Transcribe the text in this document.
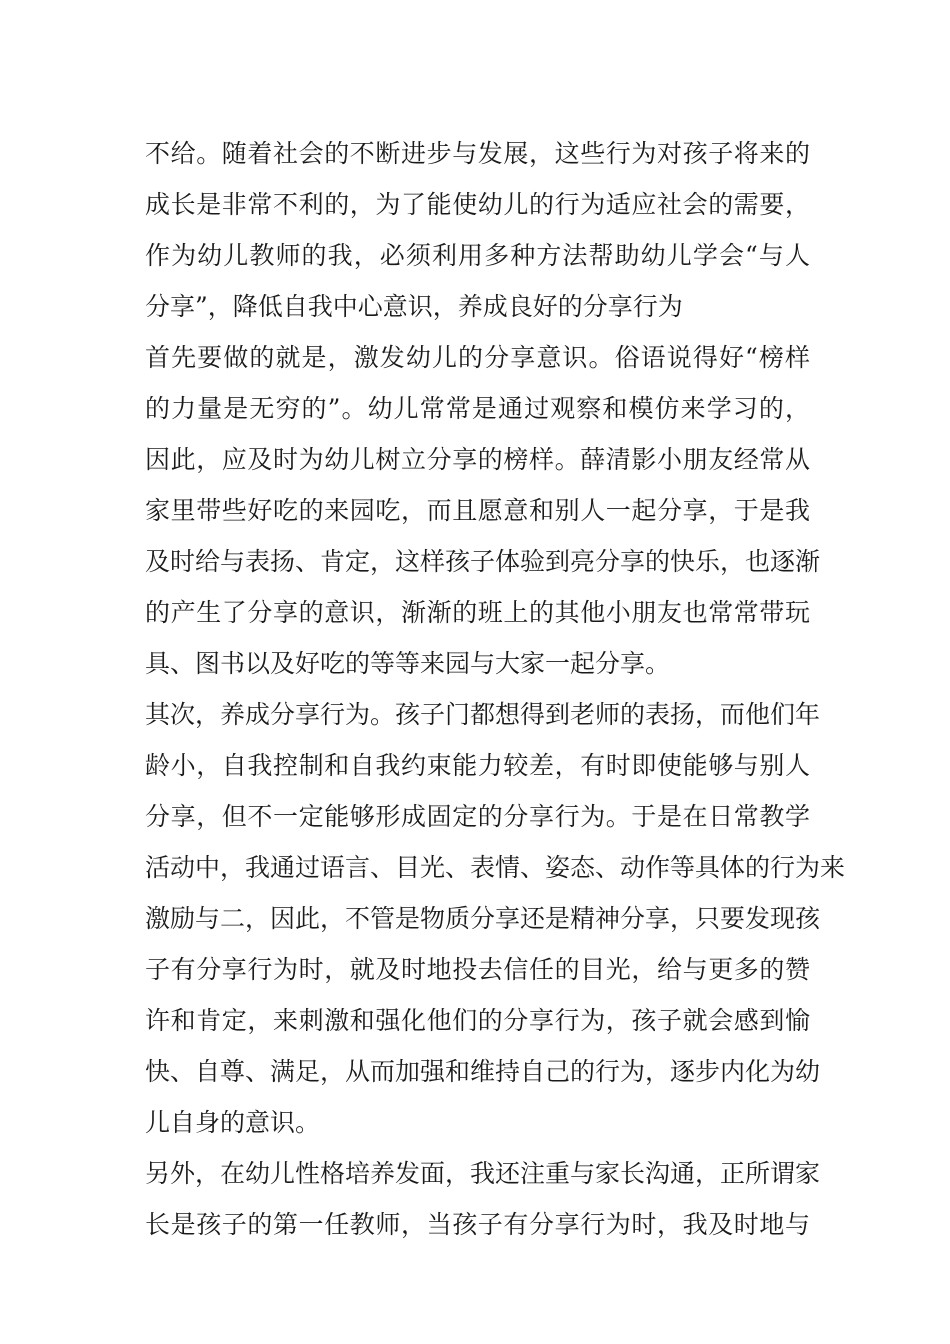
不给。随着社会的不断进步与发展，这些行为对孩子将来的
成长是非常不利的，为了能使幼儿的行为适应社会的需要，
作为幼儿教师的我，必须利用多种方法帮助幼儿学会“与人
分享”，降低自我中心意识，养成良好的分享行为
首先要做的就是，激发幼儿的分享意识。俗语说得好“榜样
的力量是无穷的”。幼儿常常是通过观察和模仿来学习的，
因此，应及时为幼儿树立分享的榜样。薛清影小朋友经常从
家里带些好吃的来园吃，而且愿意和别人一起分享，于是我
及时给与表扬、肯定，这样孩子体验到亮分享的快乐，也逐渐
的产生了分享的意识，渐渐的班上的其他小朋友也常常带玩
具、图书以及好吃的等等来园与大家一起分享。
其次，养成分享行为。孩子门都想得到老师的表扬，而他们年
龄小，自我控制和自我约束能力较差，有时即使能够与别人
分享，但不一定能够形成固定的分享行为。于是在日常教学
活动中，我通过语言、目光、表情、姿态、动作等具体的行为来
激励与二，因此，不管是物质分享还是精神分享，只要发现孩
子有分享行为时，就及时地投去信任的目光，给与更多的赞
许和肯定，来刺激和强化他们的分享行为，孩子就会感到愉
快、自尊、满足，从而加强和维持自己的行为，逐步内化为幼
儿自身的意识。
另外，在幼儿性格培养发面，我还注重与家长沟通，正所谓家
长是孩子的第一任教师，当孩子有分享行为时，我及时地与
